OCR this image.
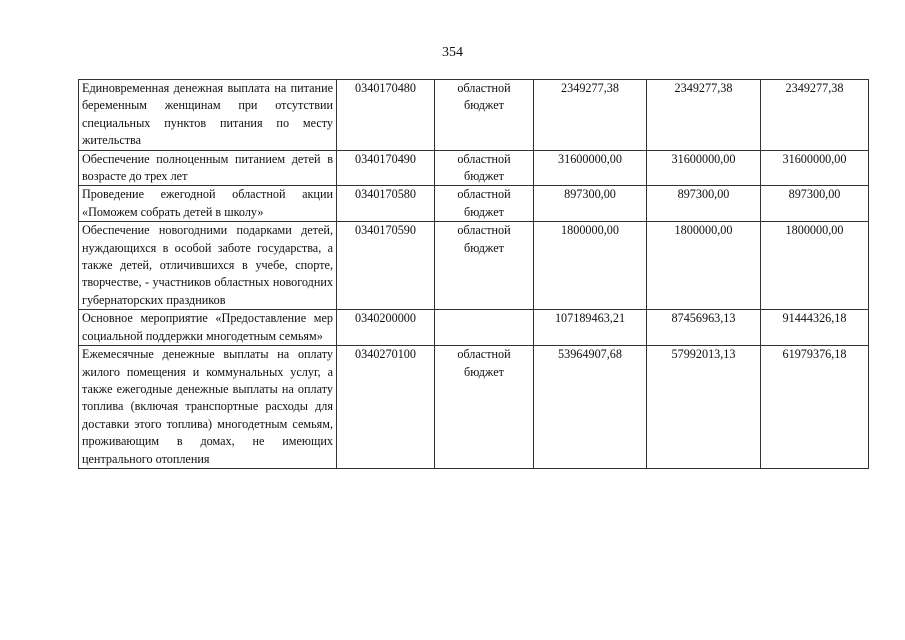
354
Единовременная денежная выплата на питание беременным женщинам при отсутствии специальных пунктов питания по месту жительства	0340170480	областной бюджет	2349277,38	2349277,38	2349277,38
Обеспечение полноценным питанием детей в возрасте до трех лет	0340170490	областной бюджет	31600000,00	31600000,00	31600000,00
Проведение ежегодной областной акции «Поможем собрать детей в школу»	0340170580	областной бюджет	897300,00	897300,00	897300,00
Обеспечение новогодними подарками детей, нуждающихся в особой заботе государства, а также детей, отличившихся в учебе, спорте, творчестве, - участников областных новогодних губернаторских праздников	0340170590	областной бюджет	1800000,00	1800000,00	1800000,00
Основное мероприятие «Предоставление мер социальной поддержки многодетным семьям»	0340200000		107189463,21	87456963,13	91444326,18
Ежемесячные денежные выплаты на оплату жилого помещения и коммунальных услуг, а также ежегодные денежные выплаты на оплату топлива (включая транспортные расходы для доставки этого топлива) многодетным семьям, проживающим в домах, не имеющих центрального отопления	0340270100	областной бюджет	53964907,68	57992013,13	61979376,18
